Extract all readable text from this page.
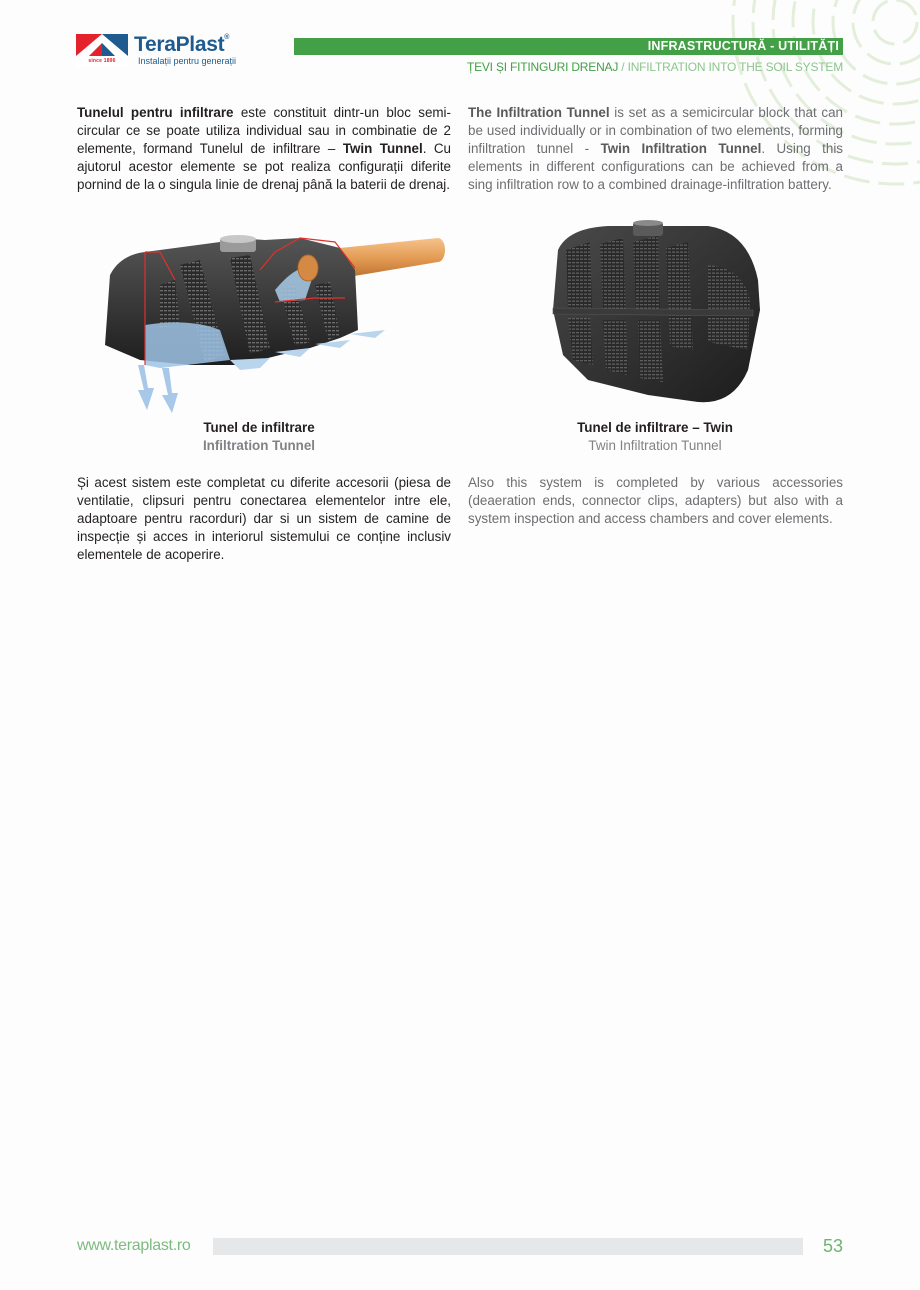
since 1896
TeraPlast®
Instalații pentru generații
INFRASTRUCTURĂ - UTILITĂȚI
ȚEVI ȘI FITINGURI DRENAJ / INFILTRATION INTO THE SOIL SYSTEM

Tunelul pentru infiltrare este constituit dintr-un bloc semi-circular ce se poate utiliza individual sau in combinatie de 2 elemente, formand Tunelul de infiltrare – Twin Tunnel. Cu ajutorul acestor elemente se pot realiza configurații diferite pornind de la o singula linie de drenaj până la baterii de drenaj.

The Infiltration Tunnel is set as a semicircular block that can be used individually or in combination of two elements, forming infiltration tunnel - Twin Infiltration Tunnel. Using this elements in different configurations can be achieved from a sing infiltration row to a combined drainage-infiltration battery.

Tunel de infiltrare
Infiltration Tunnel
Tunel de infiltrare – Twin
Twin Infiltration Tunnel

Și acest sistem este completat cu diferite accesorii (piesa de ventilatie, clipsuri pentru conectarea elementelor intre ele, adaptoare pentru racorduri) dar si un sistem de camine de inspecție și acces in interiorul sistemului ce conține inclusiv elementele de acoperire.

Also this system is completed by various accessories (deaeration ends, connector clips, adapters) but also with a system inspection and access chambers and cover elements.

www.teraplast.ro	53
